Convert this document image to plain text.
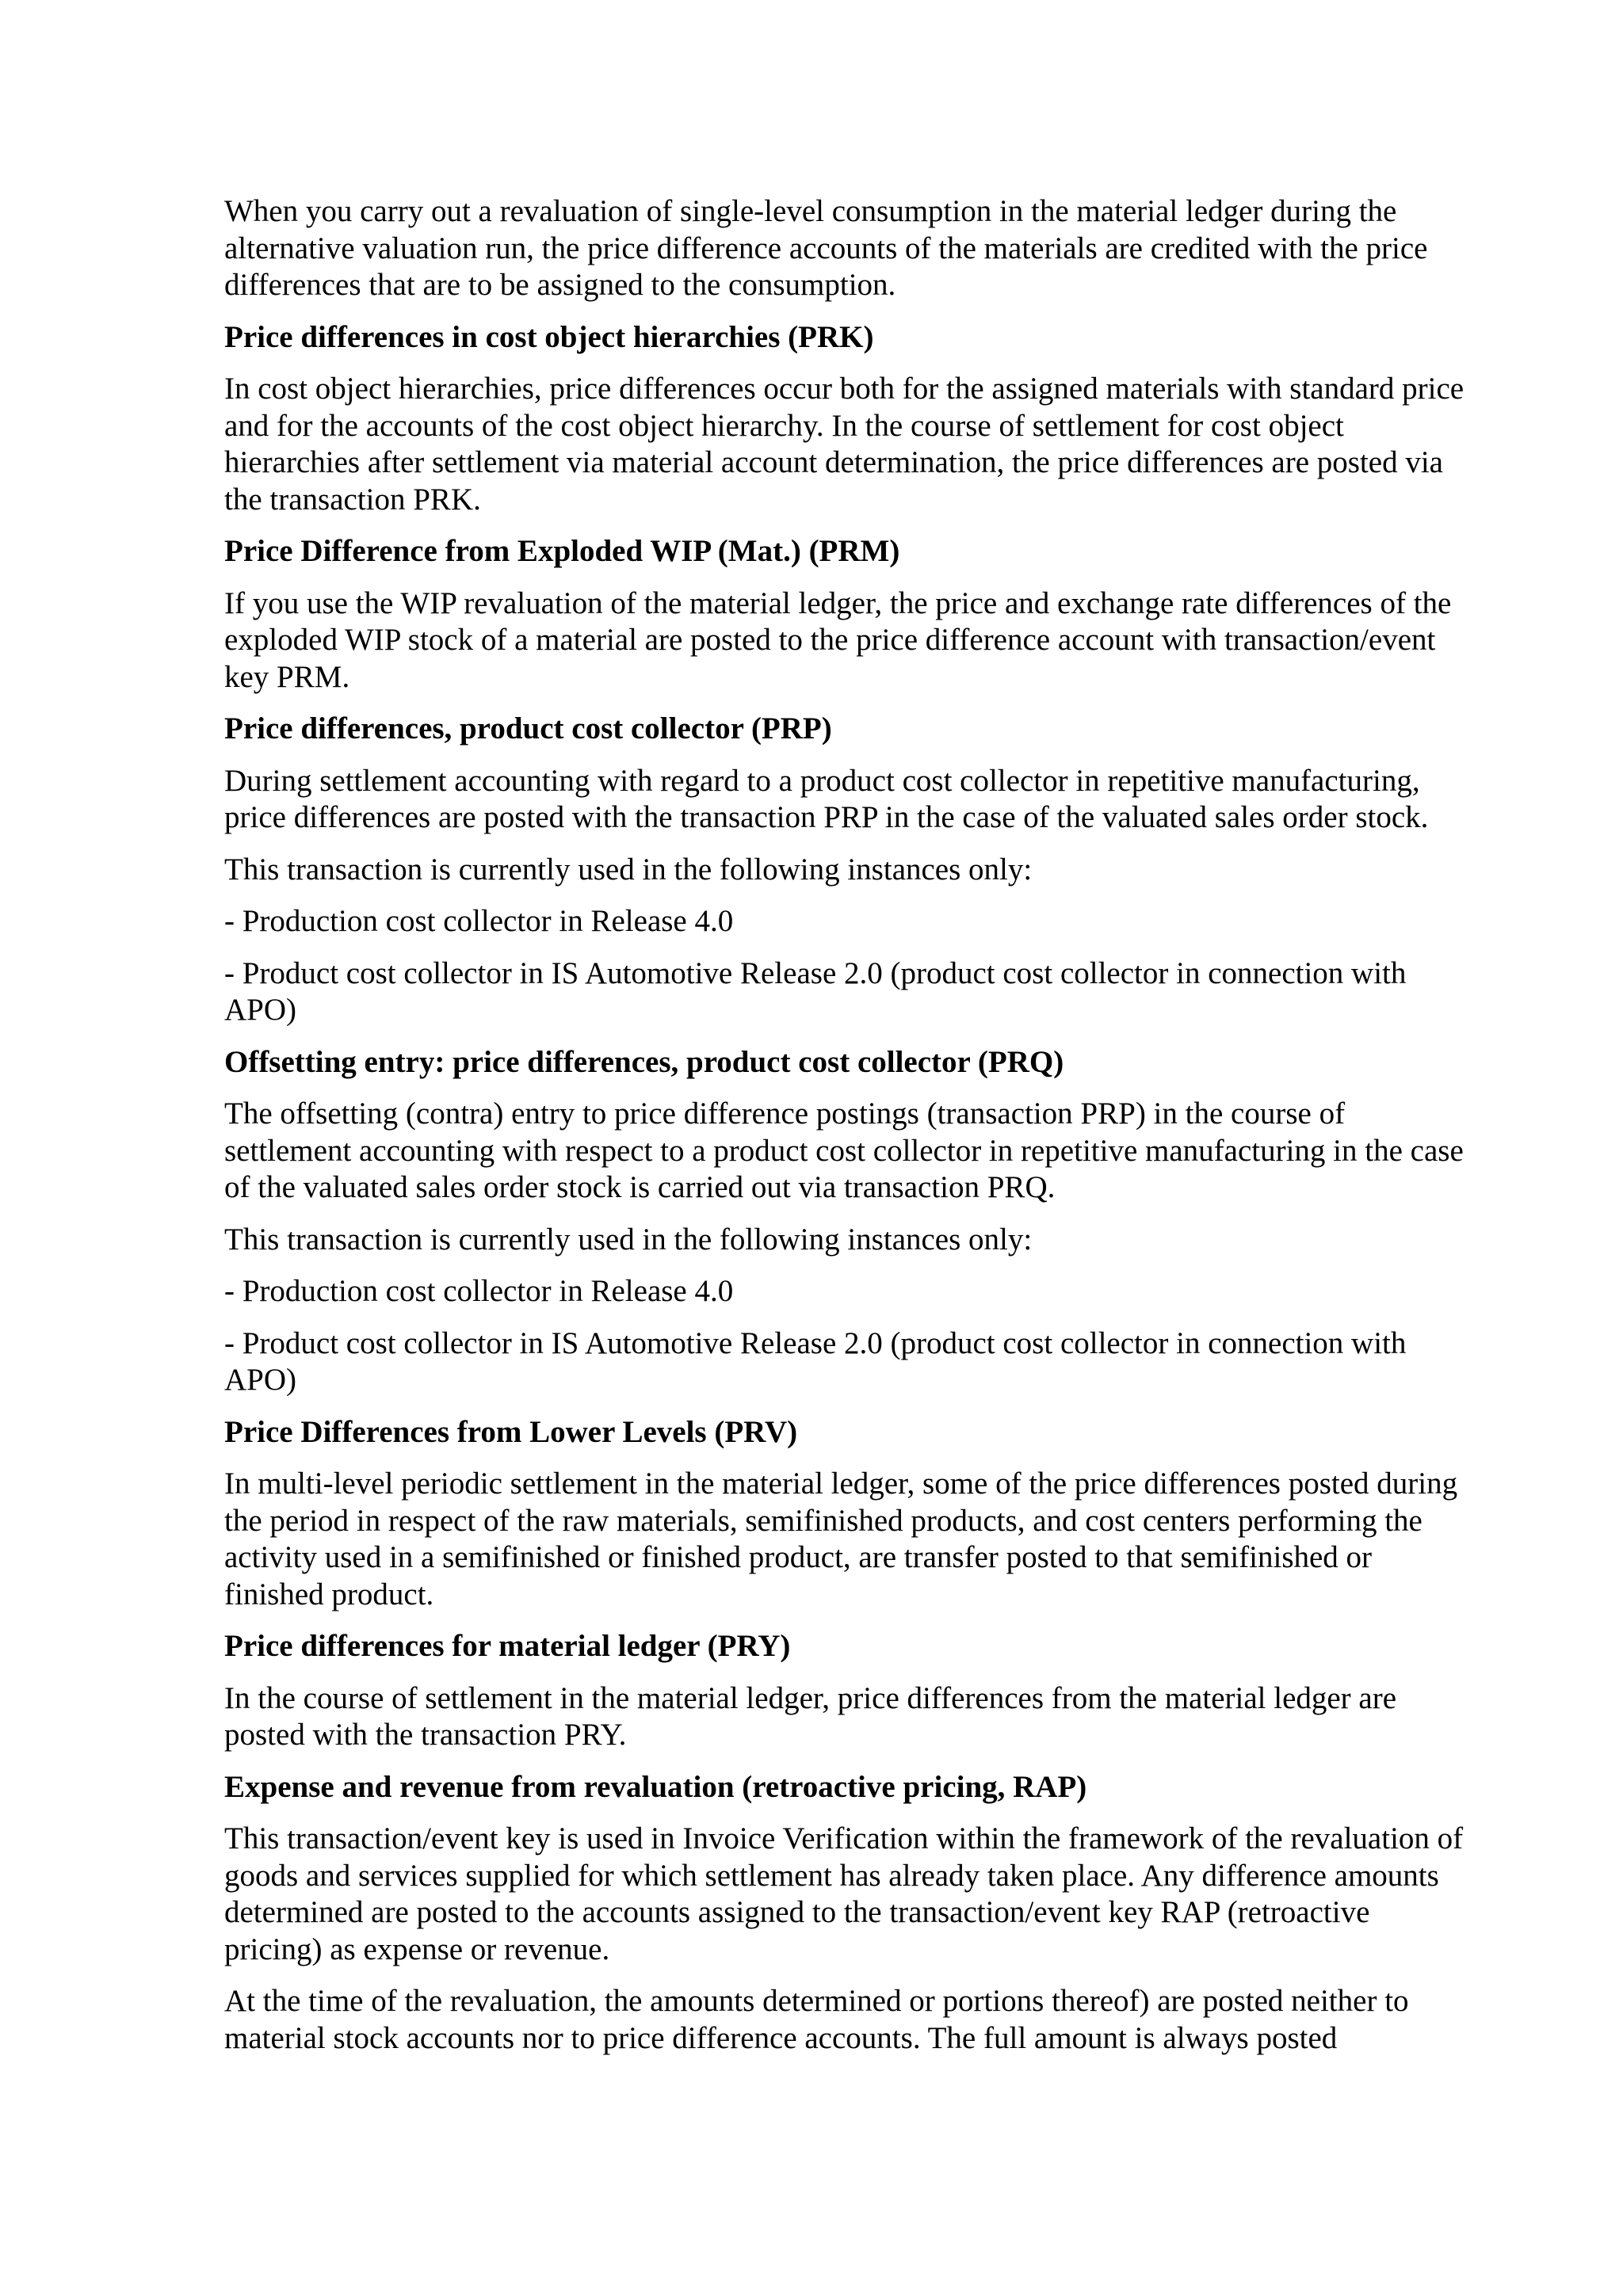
When you carry out a revaluation of single-level consumption in the material ledger during the alternative valuation run, the price difference accounts of the materials are credited with the price differences that are to be assigned to the consumption.

Price differences in cost object hierarchies (PRK)

In cost object hierarchies, price differences occur both for the assigned materials with standard price and for the accounts of the cost object hierarchy. In the course of settlement for cost object hierarchies after settlement via material account determination, the price differences are posted via the transaction PRK.

Price Difference from Exploded WIP (Mat.) (PRM)

If you use the WIP revaluation of the material ledger, the price and exchange rate differences of the exploded WIP stock of a material are posted to the price difference account with transaction/event key PRM.

Price differences, product cost collector (PRP)

During settlement accounting with regard to a product cost collector in repetitive manufacturing, price differences are posted with the transaction PRP in the case of the valuated sales order stock.

This transaction is currently used in the following instances only:

- Production cost collector in Release 4.0

- Product cost collector in IS Automotive Release 2.0 (product cost collector in connection with APO)

Offsetting entry: price differences, product cost collector (PRQ)

The offsetting (contra) entry to price difference postings (transaction PRP) in the course of settlement accounting with respect to a product cost collector in repetitive manufacturing in the case of the valuated sales order stock is carried out via transaction PRQ.

This transaction is currently used in the following instances only:

- Production cost collector in Release 4.0

- Product cost collector in IS Automotive Release 2.0 (product cost collector in connection with APO)

Price Differences from Lower Levels (PRV)

In multi-level periodic settlement in the material ledger, some of the price differences posted during the period in respect of the raw materials, semifinished products, and cost centers performing the activity used in a semifinished or finished product, are transfer posted to that semifinished or finished product.

Price differences for material ledger (PRY)

In the course of settlement in the material ledger, price differences from the material ledger are posted with the transaction PRY.

Expense and revenue from revaluation (retroactive pricing, RAP)

This transaction/event key is used in Invoice Verification within the framework of the revaluation of goods and services supplied for which settlement has already taken place. Any difference amounts determined are posted to the accounts assigned to the transaction/event key RAP (retroactive pricing) as expense or revenue.

At the time of the revaluation, the amounts determined or portions thereof) are posted neither to material stock accounts nor to price difference accounts. The full amount is always posted
